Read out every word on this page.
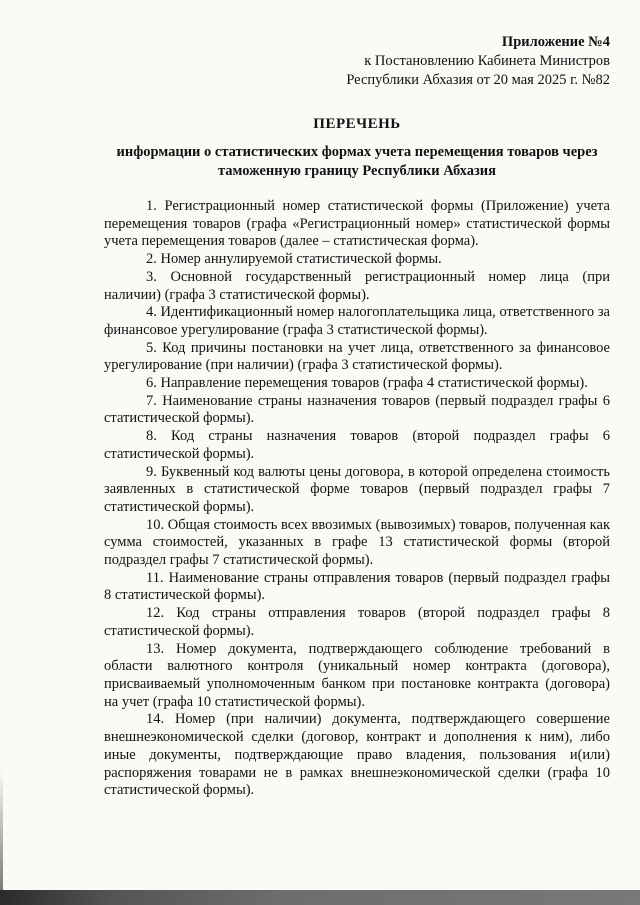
Приложение №4
к Постановлению Кабинета Министров
Республики Абхазия от 20 мая 2025 г. №82
ПЕРЕЧЕНЬ
информации о статистических формах учета перемещения товаров через таможенную границу Республики Абхазия

1. Регистрационный номер статистической формы (Приложение) учета перемещения товаров (графа «Регистрационный номер» статистической формы учета перемещения товаров (далее – статистическая форма).

2. Номер аннулируемой статистической формы.

3. Основной государственный регистрационный номер лица (при наличии) (графа 3 статистической формы).

4. Идентификационный номер налогоплательщика лица, ответственного за финансовое урегулирование (графа 3 статистической формы).

5. Код причины постановки на учет лица, ответственного за финансовое урегулирование (при наличии) (графа 3 статистической формы).

6. Направление перемещения товаров (графа 4 статистической формы).

7. Наименование страны назначения товаров (первый подраздел графы 6 статистической формы).

8. Код страны назначения товаров (второй подраздел графы 6 статистической формы).

9. Буквенный код валюты цены договора, в которой определена стоимость заявленных в статистической форме товаров (первый подраздел графы 7 статистической формы).

10. Общая стоимость всех ввозимых (вывозимых) товаров, полученная как сумма стоимостей, указанных в графе 13 статистической формы (второй подраздел графы 7 статистической формы).

11. Наименование страны отправления товаров (первый подраздел графы 8 статистической формы).

12. Код страны отправления товаров (второй подраздел графы 8 статистической формы).

13. Номер документа, подтверждающего соблюдение требований в области валютного контроля (уникальный номер контракта (договора), присваиваемый уполномоченным банком при постановке контракта (договора) на учет (графа 10 статистической формы).

14. Номер (при наличии) документа, подтверждающего совершение внешнеэкономической сделки (договор, контракт и дополнения к ним), либо иные документы, подтверждающие право владения, пользования и(или) распоряжения товарами не в рамках внешнеэкономической сделки (графа 10 статистической формы).
